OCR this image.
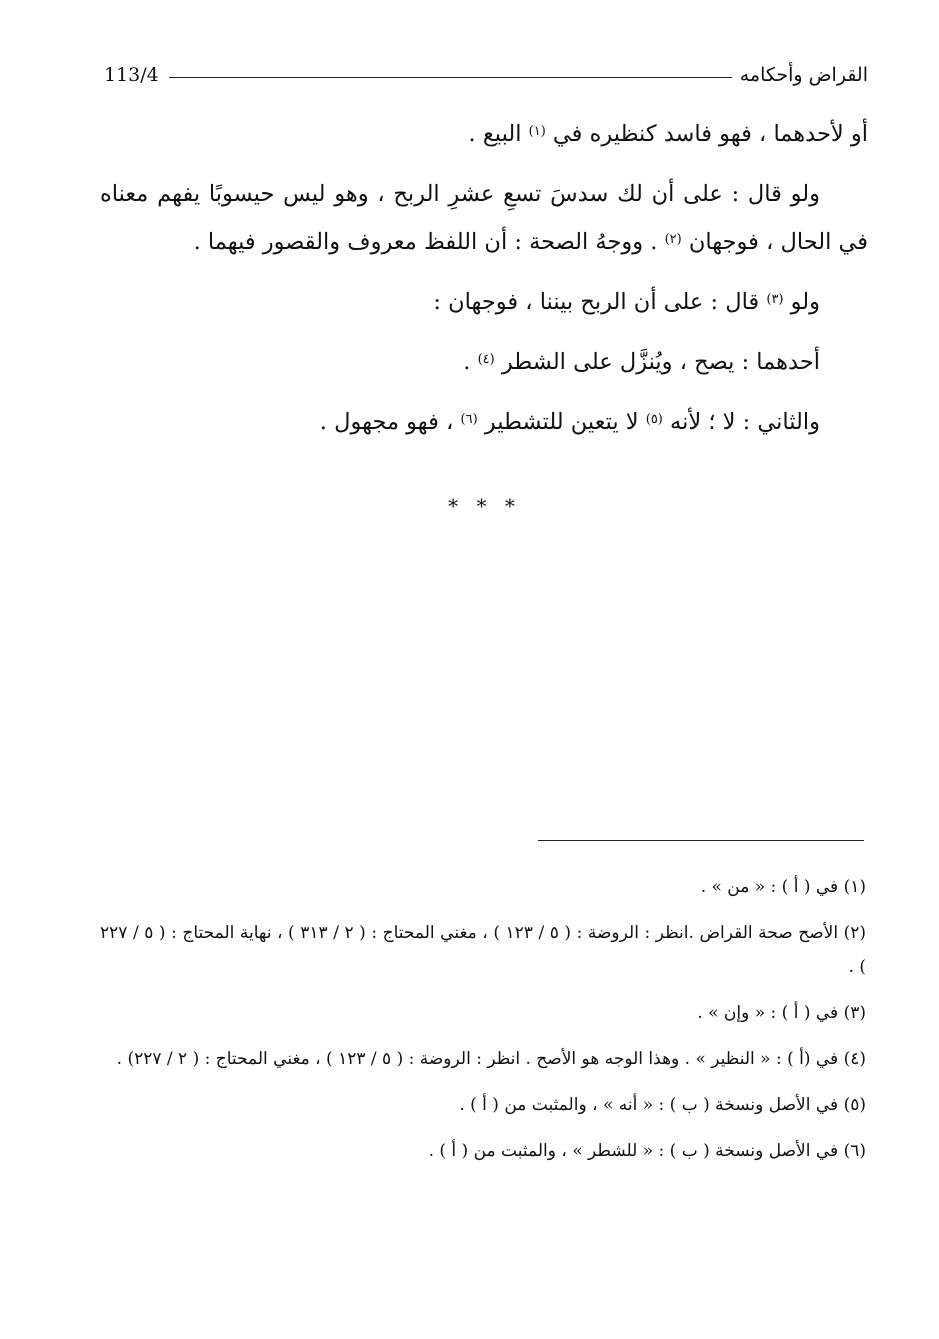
113/4	القراض وأحكامه

أو لأحدهما ، فهو فاسد كنظيره في $^{(١)}$ البيع .

ولو قال : على أن لك سدسَ تسعِ عشرِ الربح ، وهو ليس حيسوبًا يفهم معناه في الحال ، فوجهان $^{(٢)}$ . ووجهُ الصحة : أن اللفظ معروف والقصور فيهما .

ولو $^{(٣)}$ قال : على أن الربح بيننا ، فوجهان :

أحدهما : يصح ، ويُنزَّل على الشطر $^{(٤)}$ .

والثاني : لا ؛ لأنه $^{(٥)}$ لا يتعين للتشطير $^{(٦)}$ ، فهو مجهول .

* * *

(١) في ( أ ) : « من » .

(٢) الأصح صحة القراض .انظر : الروضة : ( ٥ / ١٢٣ ) ، مغني المحتاج : ( ٢ / ٣١٣ ) ، نهاية المحتاج : ( ٥ / ٢٢٧ ) .

(٣) في ( أ ) : « وإن » .

(٤) في (أ ) : « النظير » . وهذا الوجه هو الأصح . انظر : الروضة : ( ٥ / ١٢٣ ) ، مغني المحتاج : ( ٢ / ٢٢٧) .

(٥) في الأصل ونسخة ( ب ) : « أنه » ، والمثبت من ( أ ) .

(٦) في الأصل ونسخة ( ب ) : « للشطر » ، والمثبت من ( أ ) .
